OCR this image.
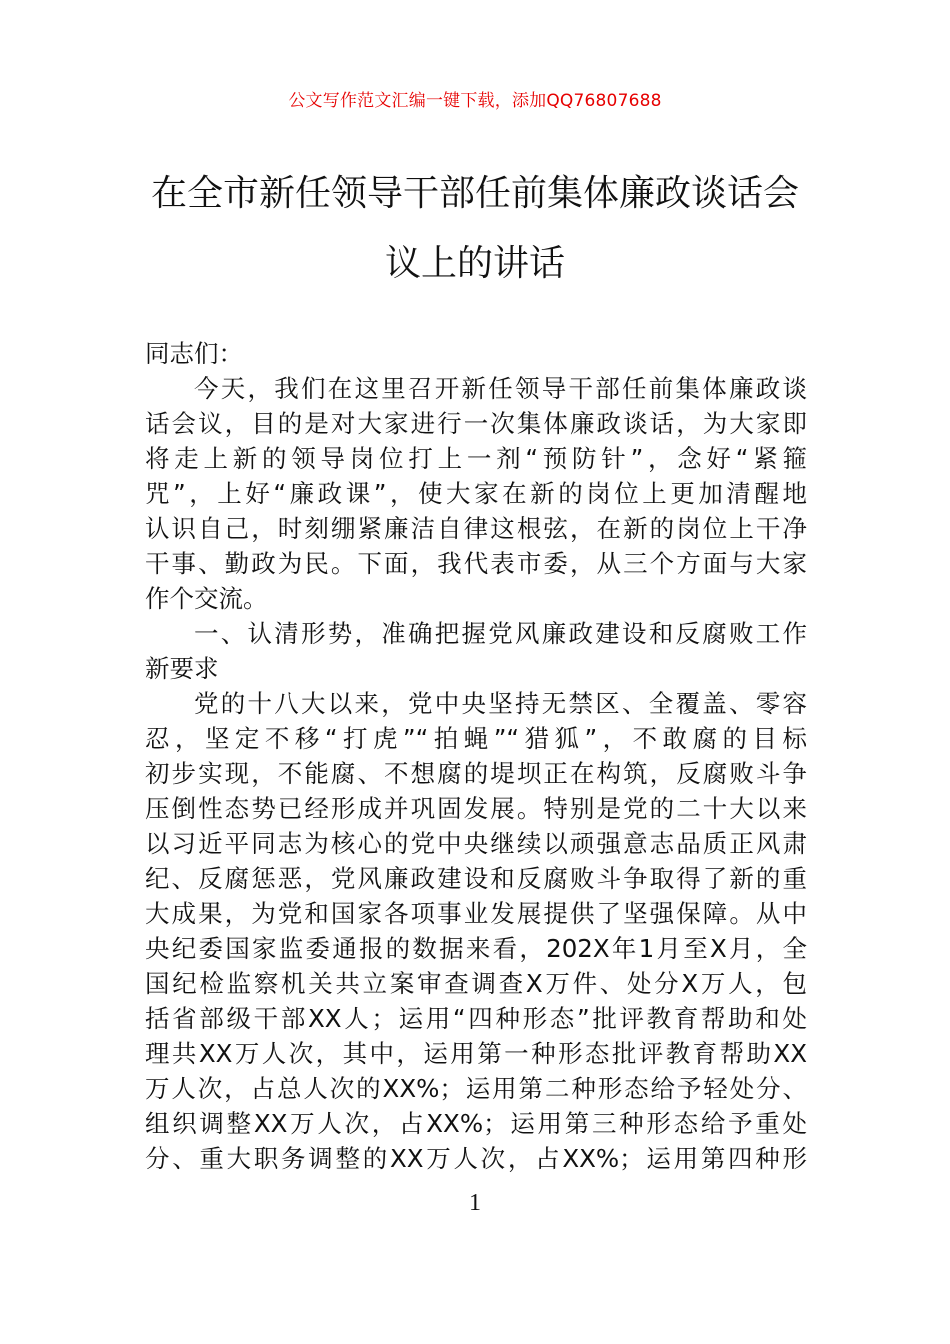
公文写作范文汇编一键下载，添加QQ76807688
在全市新任领导干部任前集体廉政谈话会
议上的讲话
同志们：
今天，我们在这里召开新任领导干部任前集体廉政谈
话会议，目的是对大家进行一次集体廉政谈话，为大家即
将走上新的领导岗位打上一剂“预防针”，念好“紧箍
咒”，上好“廉政课”，使大家在新的岗位上更加清醒地
认识自己，时刻绷紧廉洁自律这根弦，在新的岗位上干净
干事、勤政为民。下面，我代表市委，从三个方面与大家
作个交流。
一、认清形势，准确把握党风廉政建设和反腐败工作
新要求
党的十八大以来，党中央坚持无禁区、全覆盖、零容
忍，坚定不移“打虎”“拍蝇”“猎狐”，不敢腐的目标
初步实现，不能腐、不想腐的堤坝正在构筑，反腐败斗争
压倒性态势已经形成并巩固发展。特别是党的二十大以来
以习近平同志为核心的党中央继续以顽强意志品质正风肃
纪、反腐惩恶，党风廉政建设和反腐败斗争取得了新的重
大成果，为党和国家各项事业发展提供了坚强保障。从中
央纪委国家监委通报的数据来看，202X年1月至X月，全
国纪检监察机关共立案审查调查X万件、处分X万人，包
括省部级干部XX人；运用“四种形态”批评教育帮助和处
理共XX万人次，其中，运用第一种形态批评教育帮助XX
万人次，占总人次的XX%；运用第二种形态给予轻处分、
组织调整XX万人次，占XX%；运用第三种形态给予重处
分、重大职务调整的XX万人次，占XX%；运用第四种形
1
